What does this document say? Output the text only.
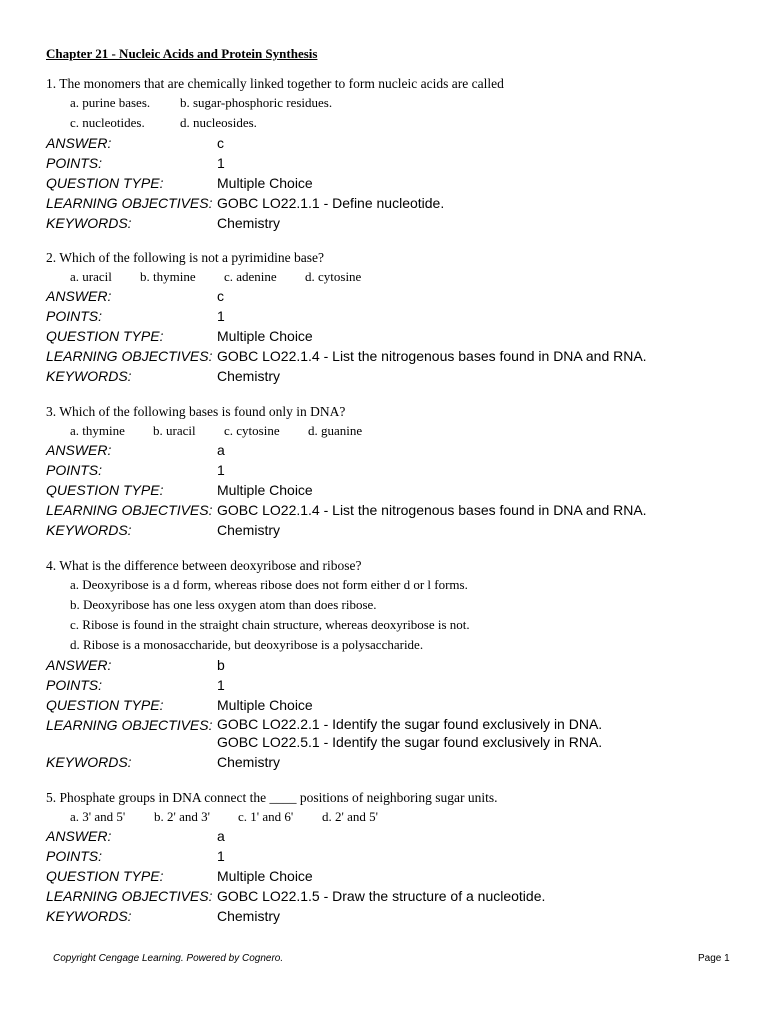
Chapter 21 - Nucleic Acids and Protein Synthesis
1. The monomers that are chemically linked together to form nucleic acids are called
a. purine bases. b. sugar-phosphoric residues.
c. nucleotides.	d. nucleosides.
ANSWER:	c
POINTS:	1
QUESTION TYPE:	Multiple Choice
LEARNING OBJECTIVES: GOBC LO22.1.1 - Define nucleotide.
KEYWORDS:	Chemistry
2. Which of the following is not a pyrimidine base?
a. uracil b. thymine c. adenine d. cytosine
ANSWER:	c
POINTS:	1
QUESTION TYPE:	Multiple Choice
LEARNING OBJECTIVES: GOBC LO22.1.4 - List the nitrogenous bases found in DNA and RNA.
KEYWORDS:	Chemistry
3. Which of the following bases is found only in DNA?
a. thymine b. uracil c. cytosine d. guanine
ANSWER:	a
POINTS:	1
QUESTION TYPE:	Multiple Choice
LEARNING OBJECTIVES: GOBC LO22.1.4 - List the nitrogenous bases found in DNA and RNA.
KEYWORDS:	Chemistry
4. What is the difference between deoxyribose and ribose?
a. Deoxyribose is a d form, whereas ribose does not form either d or l forms.
b. Deoxyribose has one less oxygen atom than does ribose.
c. Ribose is found in the straight chain structure, whereas deoxyribose is not.
d. Ribose is a monosaccharide, but deoxyribose is a polysaccharide.
ANSWER:	b
POINTS:	1
QUESTION TYPE:	Multiple Choice
LEARNING OBJECTIVES: GOBC LO22.2.1 - Identify the sugar found exclusively in DNA.
GOBC LO22.5.1 - Identify the sugar found exclusively in RNA.
KEYWORDS:	Chemistry
5. Phosphate groups in DNA connect the ____ positions of neighboring sugar units.
a. 3' and 5' b. 2' and 3' c. 1' and 6' d. 2' and 5'
ANSWER:	a
POINTS:	1
QUESTION TYPE:	Multiple Choice
LEARNING OBJECTIVES: GOBC LO22.1.5 - Draw the structure of a nucleotide.
KEYWORDS:	Chemistry
Copyright Cengage Learning. Powered by Cognero.	Page 1
